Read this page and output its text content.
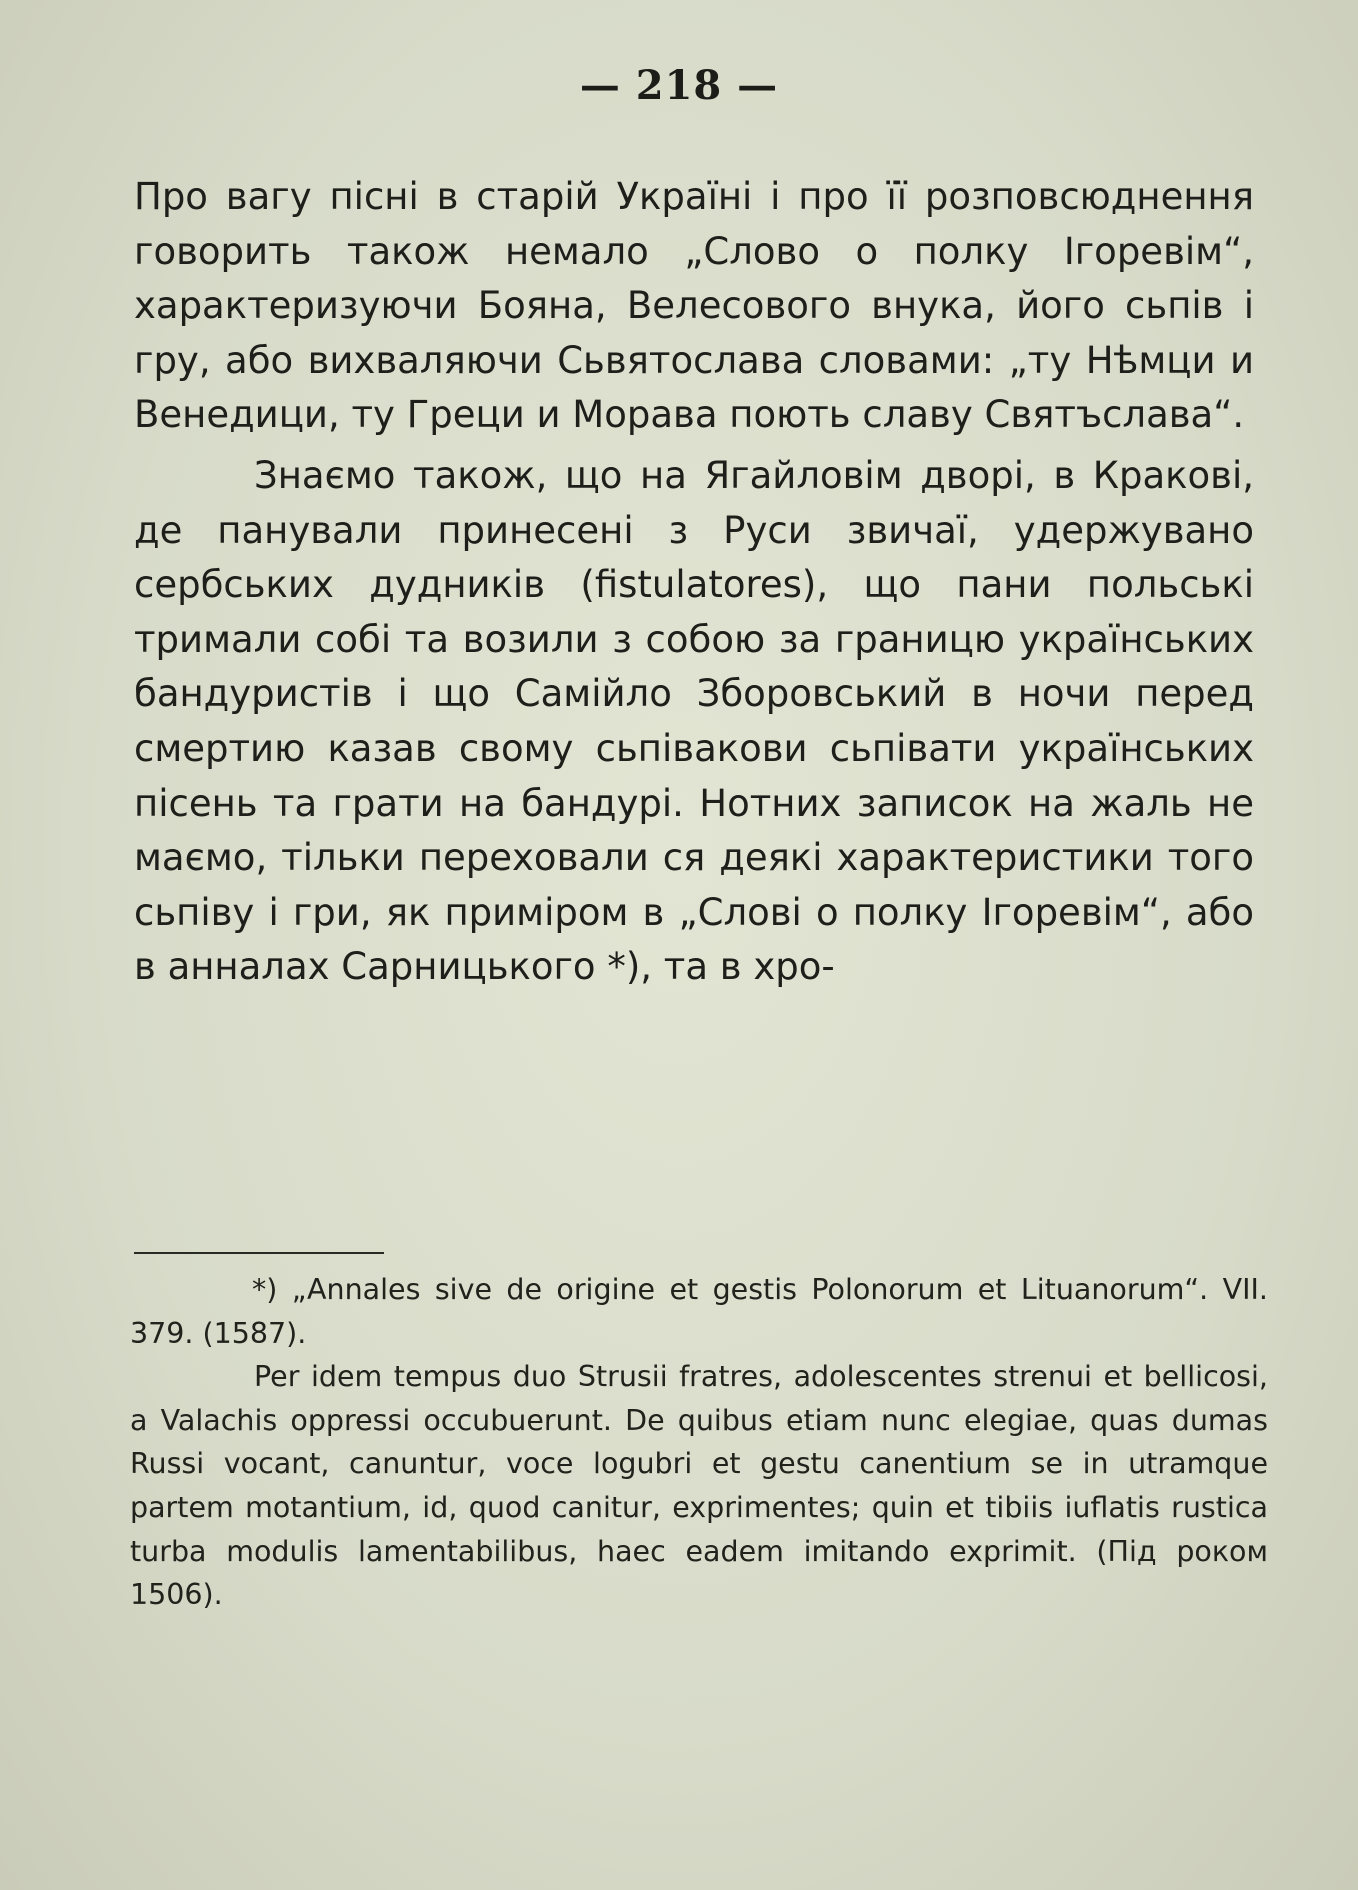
— 218 —

Про вагу пісні в старій Україні і про її розповсюднення говорить також немало „Слово о полку Ігоревім“, характеризуючи Бояна, Велесового внука, його сьпів і гру, або вихваляючи Сьвятослава словами: „ту Нѣмци и Венедици, ту Греци и Морава поють славу Святъслава“.

Знаємо також, що на Ягайловім дворі, в Кракові, де панували принесені з Руси звичаї, удержувано сербських дудників (fistulatores), що пани польські тримали собі та возили з собою за границю українських бандуристів і що Самійло Зборовський в ночи перед смертию казав свому сьпівакови сьпівати українських пісень та грати на бандурі. Нотних записок на жаль не маємо, тільки переховали ся деякі характеристики того сьпіву і гри, як приміром в „Слові о полку Ігоревім“, або в анналах Сарницького *), та в хро-

*) „Annales sive de origine et gestis Polonorum et Lituanorum“. VII. 379. (1587).

Per idem tempus duo Strusii fratres, adolescentes strenui et bellicosi, a Valachis oppressi occubuerunt. De quibus etiam nunc elegiae, quas dumas Russi vocant, canuntur, voce logubri et gestu canentium se in utramque partem motantium, id, quod canitur, exprimentes; quin et tibiis iuflatis rustica turba modulis lamentabilibus, haec eadem imitando exprimit. (Під роком 1506).
